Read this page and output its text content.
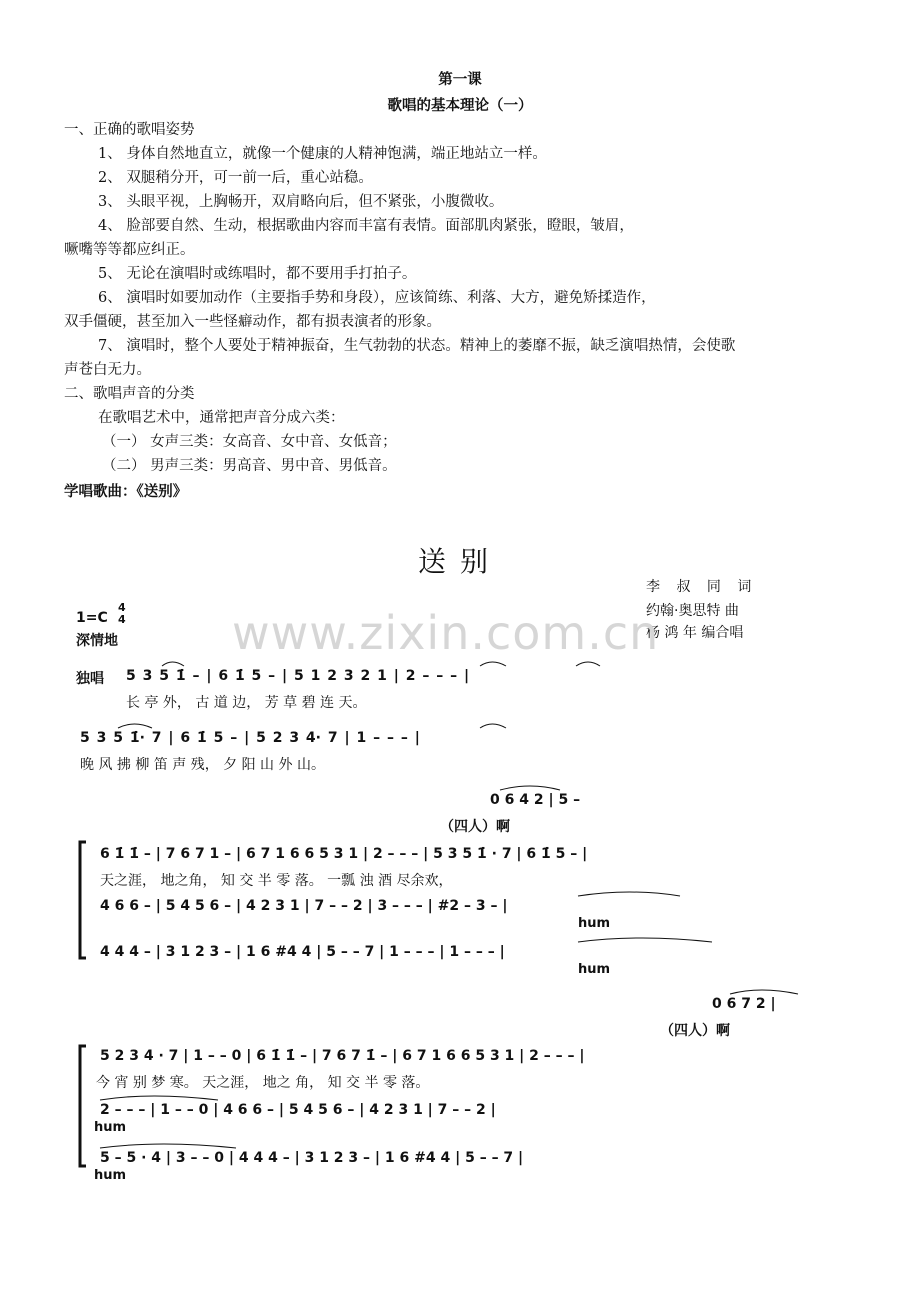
第一课
歌唱的基本理论（一）
一、正确的歌唱姿势
1、 身体自然地直立，就像一个健康的人精神饱满，端正地站立一样。
2、 双腿稍分开，可一前一后，重心站稳。
3、 头眼平视，上胸畅开，双肩略向后，但不紧张，小腹微收。
4、 脸部要自然、生动，根据歌曲内容而丰富有表情。面部肌肉紧张，瞪眼，皱眉，
噘嘴等等都应纠正。
5、 无论在演唱时或练唱时，都不要用手打拍子。
6、 演唱时如要加动作（主要指手势和身段），应该简练、利落、大方，避免矫揉造作，
双手僵硬，甚至加入一些怪癖动作，都有损表演者的形象。
7、 演唱时，整个人要处于精神振奋，生气勃勃的状态。精神上的萎靡不振，缺乏演唱热情，会使歌
声苍白无力。
二、歌唱声音的分类
在歌唱艺术中，通常把声音分成六类：
（一） 女声三类：女高音、女中音、女低音；
（二） 男声三类：男高音、男中音、男低音。
学唱歌曲：《送别》
送别
李 叔 同 词
约翰·奥思特 曲
杨 鸿 年 编合唱
1=C
4
4
深情地 www.zixin.com.cn
独唱 5 3 5 1̇ – | 6 1̇ 5 – | 5 1 2 3 2 1 | 2 – – – |
长 亭 外， 古 道 边， 芳 草 碧 连 天。
5 3 5 1̇· 7 | 6 1̇ 5 – | 5 2 3 4· 7 | 1 – – – |
晚 风 拂 柳 笛 声 残， 夕 阳 山 外 山。
0 6 4 2 | 5 –
（四人）啊
6 1̇ 1̇ – | 7 6 7 1 – | 6 7 1 6 6 5 3 1 | 2 – – – | 5 3 5 1̇ · 7 | 6 1̇ 5 – |
天之涯， 地之角， 知 交 半 零 落。 一瓢 浊 酒 尽余欢，
4 6 6 – | 5 4 5 6 – | 4 2 3 1 | 7 – – 2 | 3 – – – | #2 – 3 – |
hum
4 4 4 – | 3 1 2 3 – | 1 6 #4 4 | 5 – – 7 | 1 – – – | 1 – – – |
hum
0 6 7 2 |
（四人）啊
5 2 3 4 · 7 | 1 – – 0 | 6 1̇ 1̇ – | 7 6 7 1̇ – | 6 7 1 6 6 5 3 1 | 2 – – – |
今 宵 别 梦 寒。 天之涯， 地之 角， 知 交 半 零 落。
2 – – – | 1 – – 0 | 4 6 6 – | 5 4 5 6 – | 4 2 3 1 | 7 – – 2 |
hum
5 – 5 · 4 | 3 – – 0 | 4 4 4 – | 3 1 2 3 – | 1 6 #4 4 | 5 – – 7 |
hum
